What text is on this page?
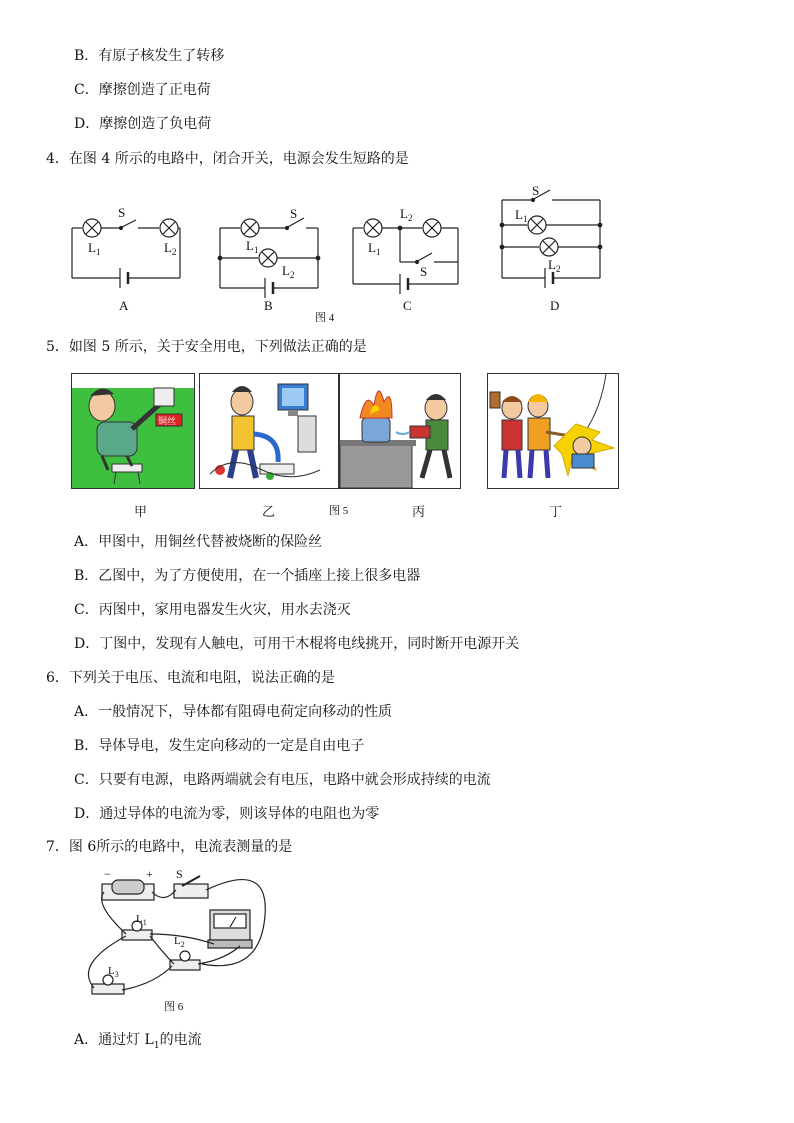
B．有原子核发生了转移
C．摩擦创造了正电荷
D．摩擦创造了负电荷
4．在图 4 所示的电路中，闭合开关，电源会发生短路的是
S
$L_1$	$L_2$
A
S
$L_1$
$L_2$
B
$L_1$
$L_2$
S
C
S
$L_1$
$L_2$
D
图 4
5．如图 5 所示，关于安全用电，下列做法正确的是
铜丝
甲	乙	图 5	丙	丁
A．甲图中，用铜丝代替被烧断的保险丝
B．乙图中，为了方便使用，在一个插座上接上很多电器
C．丙图中，家用电器发生火灾，用水去浇灭
D．丁图中，发现有人触电，可用干木棍将电线挑开，同时断开电源开关
6．下列关于电压、电流和电阻，说法正确的是
A．一般情况下，导体都有阻碍电荷定向移动的性质
B．导体导电，发生定向移动的一定是自由电子
C．只要有电源，电路两端就会有电压，电路中就会形成持续的电流
D．通过导体的电流为零，则该导体的电阻也为零
7．图 6所示的电路中，电流表测量的是
−	+ S
$L_1$
$L_2$
$L_3$
图 6
A．通过灯 $L_1$的电流
